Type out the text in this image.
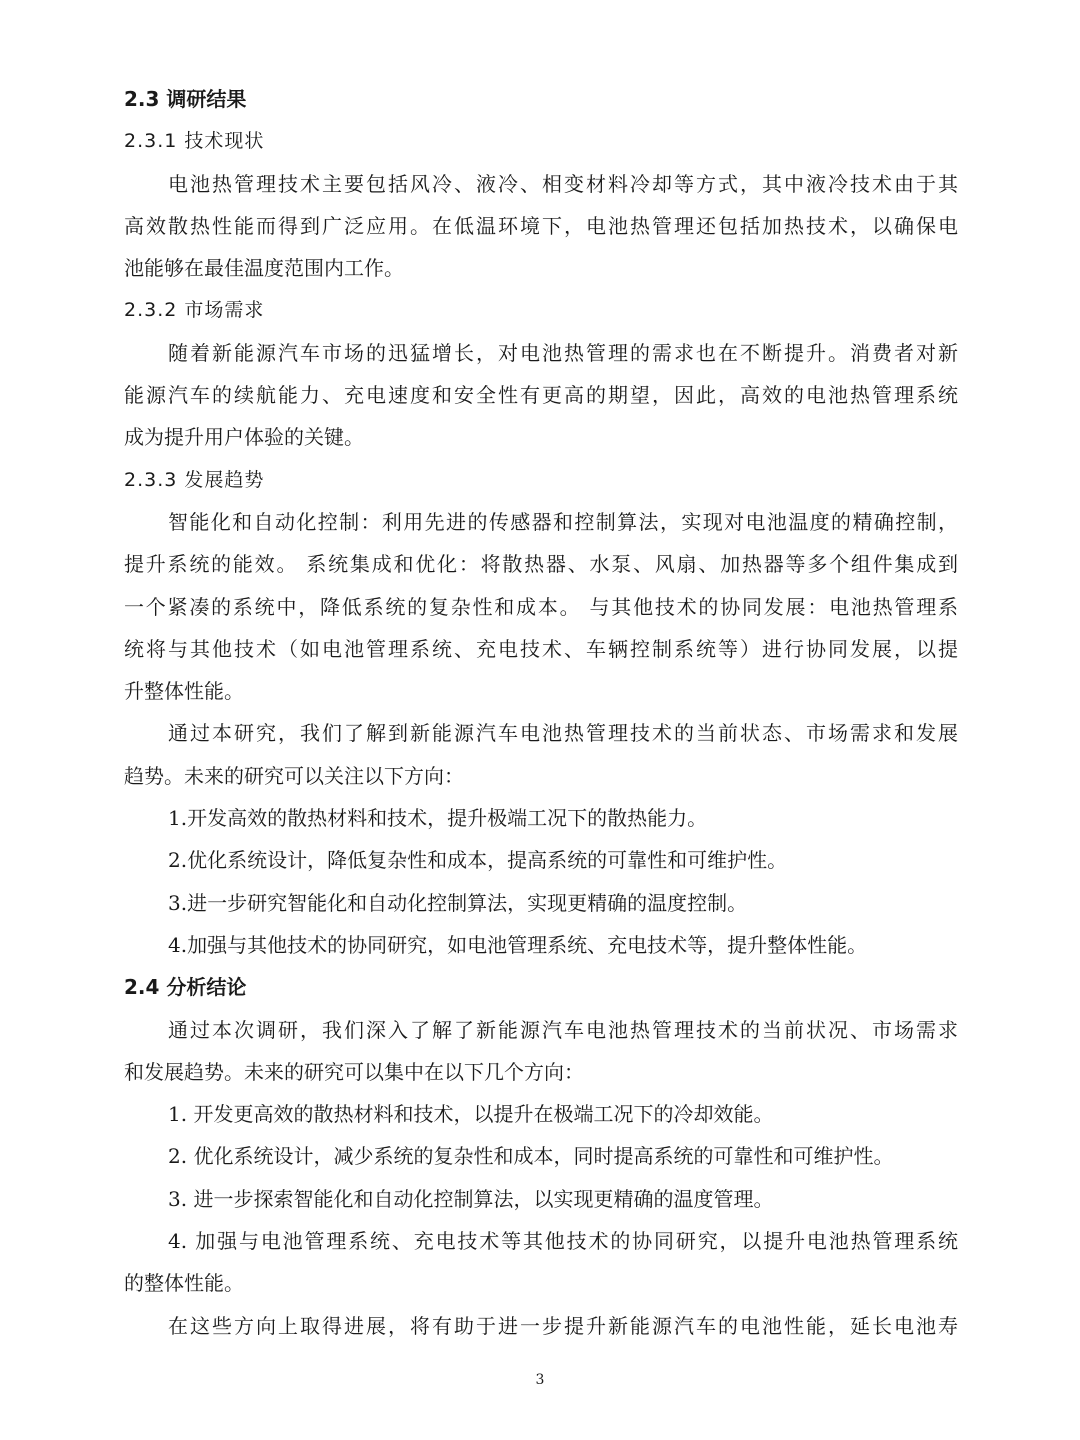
2.3 调研结果
2.3.1 技术现状
电池热管理技术主要包括风冷、液冷、相变材料冷却等方式，其中液冷技术由于其
高效散热性能而得到广泛应用。在低温环境下，电池热管理还包括加热技术，以确保电
池能够在最佳温度范围内工作。
2.3.2 市场需求
随着新能源汽车市场的迅猛增长，对电池热管理的需求也在不断提升。消费者对新
能源汽车的续航能力、充电速度和安全性有更高的期望，因此，高效的电池热管理系统
成为提升用户体验的关键。
2.3.3 发展趋势
智能化和自动化控制：利用先进的传感器和控制算法，实现对电池温度的精确控制，
提升系统的能效。 系统集成和优化：将散热器、水泵、风扇、加热器等多个组件集成到
一个紧凑的系统中，降低系统的复杂性和成本。 与其他技术的协同发展：电池热管理系
统将与其他技术（如电池管理系统、充电技术、车辆控制系统等）进行协同发展，以提
升整体性能。
通过本研究，我们了解到新能源汽车电池热管理技术的当前状态、市场需求和发展
趋势。未来的研究可以关注以下方向：
1.开发高效的散热材料和技术，提升极端工况下的散热能力。
2.优化系统设计，降低复杂性和成本，提高系统的可靠性和可维护性。
3.进一步研究智能化和自动化控制算法，实现更精确的温度控制。
4.加强与其他技术的协同研究，如电池管理系统、充电技术等，提升整体性能。
2.4 分析结论
通过本次调研，我们深入了解了新能源汽车电池热管理技术的当前状况、市场需求
和发展趋势。未来的研究可以集中在以下几个方向：
1. 开发更高效的散热材料和技术，以提升在极端工况下的冷却效能。
2. 优化系统设计，减少系统的复杂性和成本，同时提高系统的可靠性和可维护性。
3. 进一步探索智能化和自动化控制算法，以实现更精确的温度管理。
4. 加强与电池管理系统、充电技术等其他技术的协同研究，以提升电池热管理系统
的整体性能。
在这些方向上取得进展，将有助于进一步提升新能源汽车的电池性能，延长电池寿
3
